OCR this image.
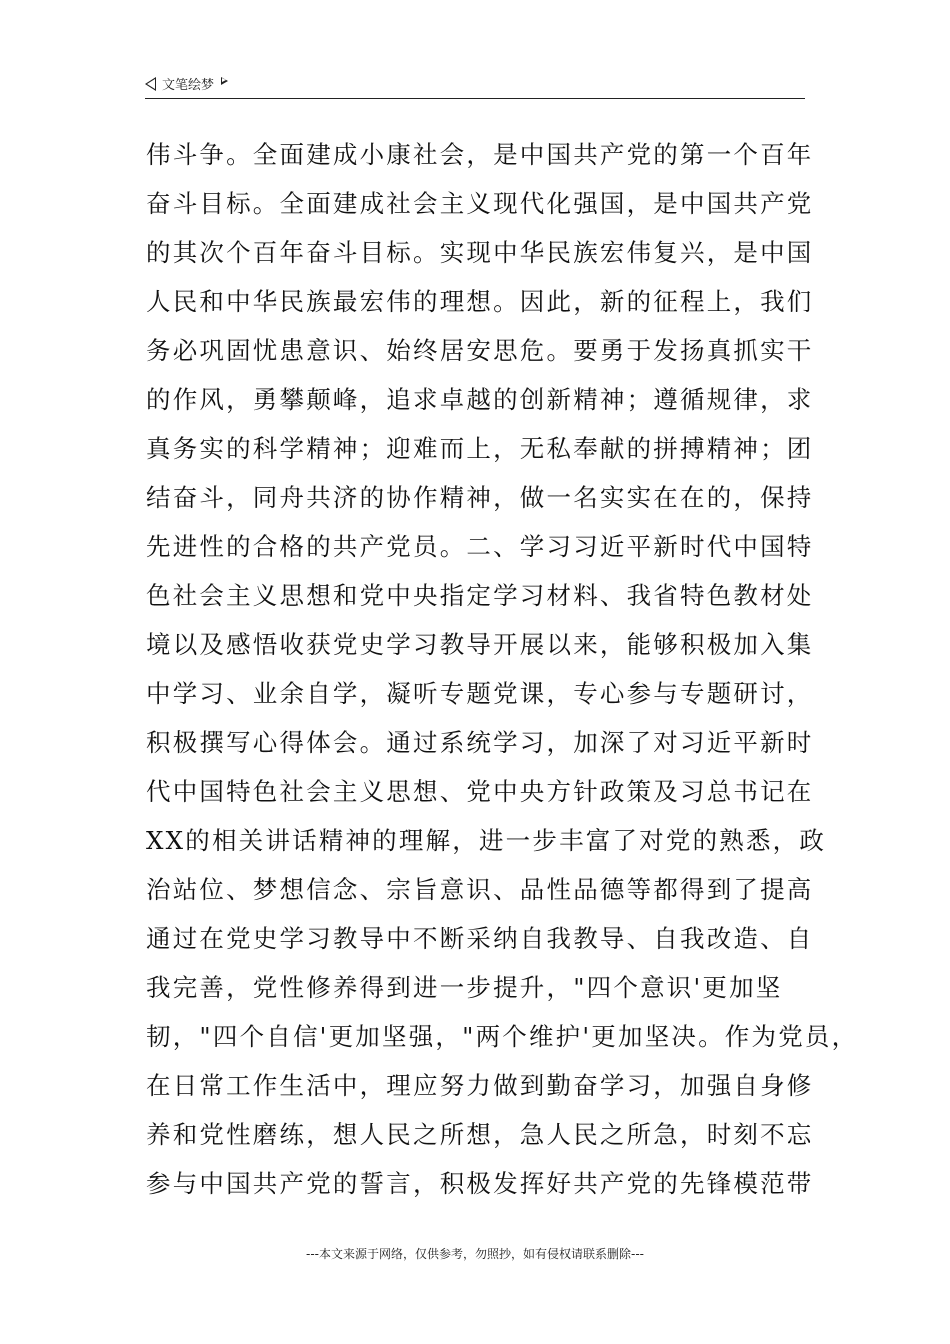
文笔绘梦
伟斗争。全面建成小康社会，是中国共产党的第一个百年
奋斗目标。全面建成社会主义现代化强国，是中国共产党
的其次个百年奋斗目标。实现中华民族宏伟复兴，是中国
人民和中华民族最宏伟的理想。因此，新的征程上，我们
务必巩固忧患意识、始终居安思危。要勇于发扬真抓实干
的作风，勇攀颠峰，追求卓越的创新精神；遵循规律，求
真务实的科学精神；迎难而上，无私奉献的拼搏精神；团
结奋斗，同舟共济的协作精神，做一名实实在在的，保持
先进性的合格的共产党员。二、学习习近平新时代中国特
色社会主义思想和党中央指定学习材料、我省特色教材处
境以及感悟收获党史学习教导开展以来，能够积极加入集
中学习、业余自学，凝听专题党课，专心参与专题研讨，
积极撰写心得体会。通过系统学习，加深了对习近平新时
代中国特色社会主义思想、党中央方针政策及习总书记在
XX的相关讲话精神的理解，进一步丰富了对党的熟悉，政
治站位、梦想信念、宗旨意识、品性品德等都得到了提高
通过在党史学习教导中不断采纳自我教导、自我改造、自
我完善，党性修养得到进一步提升，"四个意识'更加坚
韧，"四个自信'更加坚强，"两个维护'更加坚决。作为党员，
在日常工作生活中，理应努力做到勤奋学习，加强自身修
养和党性磨练，想人民之所想，急人民之所急，时刻不忘
参与中国共产党的誓言，积极发挥好共产党的先锋模范带
---本文来源于网络，仅供参考，勿照抄，如有侵权请联系删除---
